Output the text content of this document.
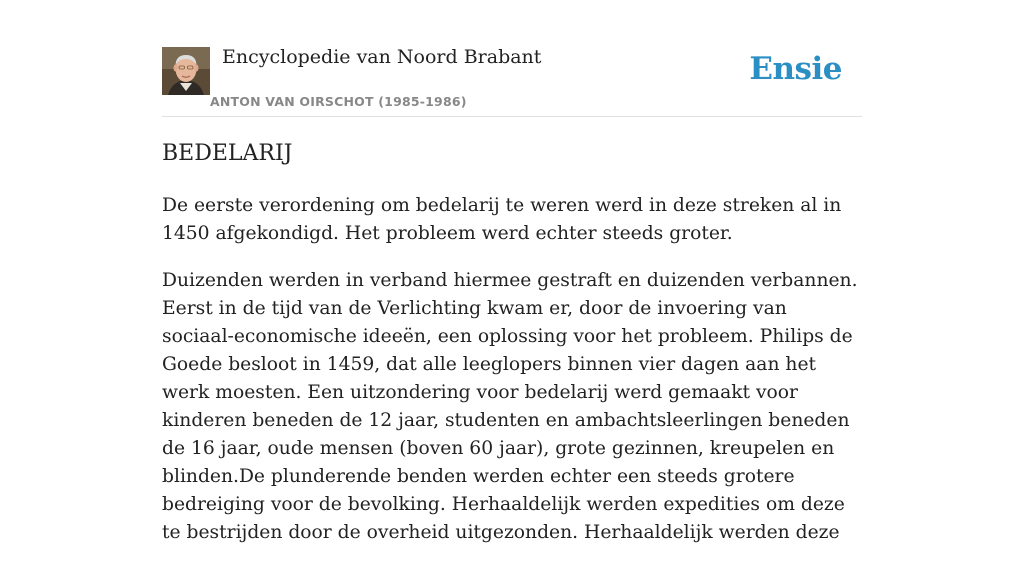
Encyclopedie van Noord Brabant
ANTON VAN OIRSCHOT (1985-1986)
Ensie
BEDELARIJ

De eerste verordening om bedelarij te weren werd in deze streken al in 1450 afgekondigd. Het probleem werd echter steeds groter.

Duizenden werden in verband hiermee gestraft en duizenden verbannen. Eerst in de tijd van de Verlichting kwam er, door de invoering van sociaal-economische ideeën, een oplossing voor het probleem. Philips de Goede besloot in 1459, dat alle leeglopers binnen vier dagen aan het werk moesten. Een uitzondering voor bedelarij werd gemaakt voor kinderen beneden de 12 jaar, studenten en ambachtsleerlingen beneden de 16 jaar, oude mensen (boven 60 jaar), grote gezinnen, kreupelen en blinden.De plunderende benden werden echter een steeds grotere bedreiging voor de bevolking. Herhaaldelijk werden expedities om deze te bestrijden door de overheid uitgezonden. Herhaaldelijk werden deze
